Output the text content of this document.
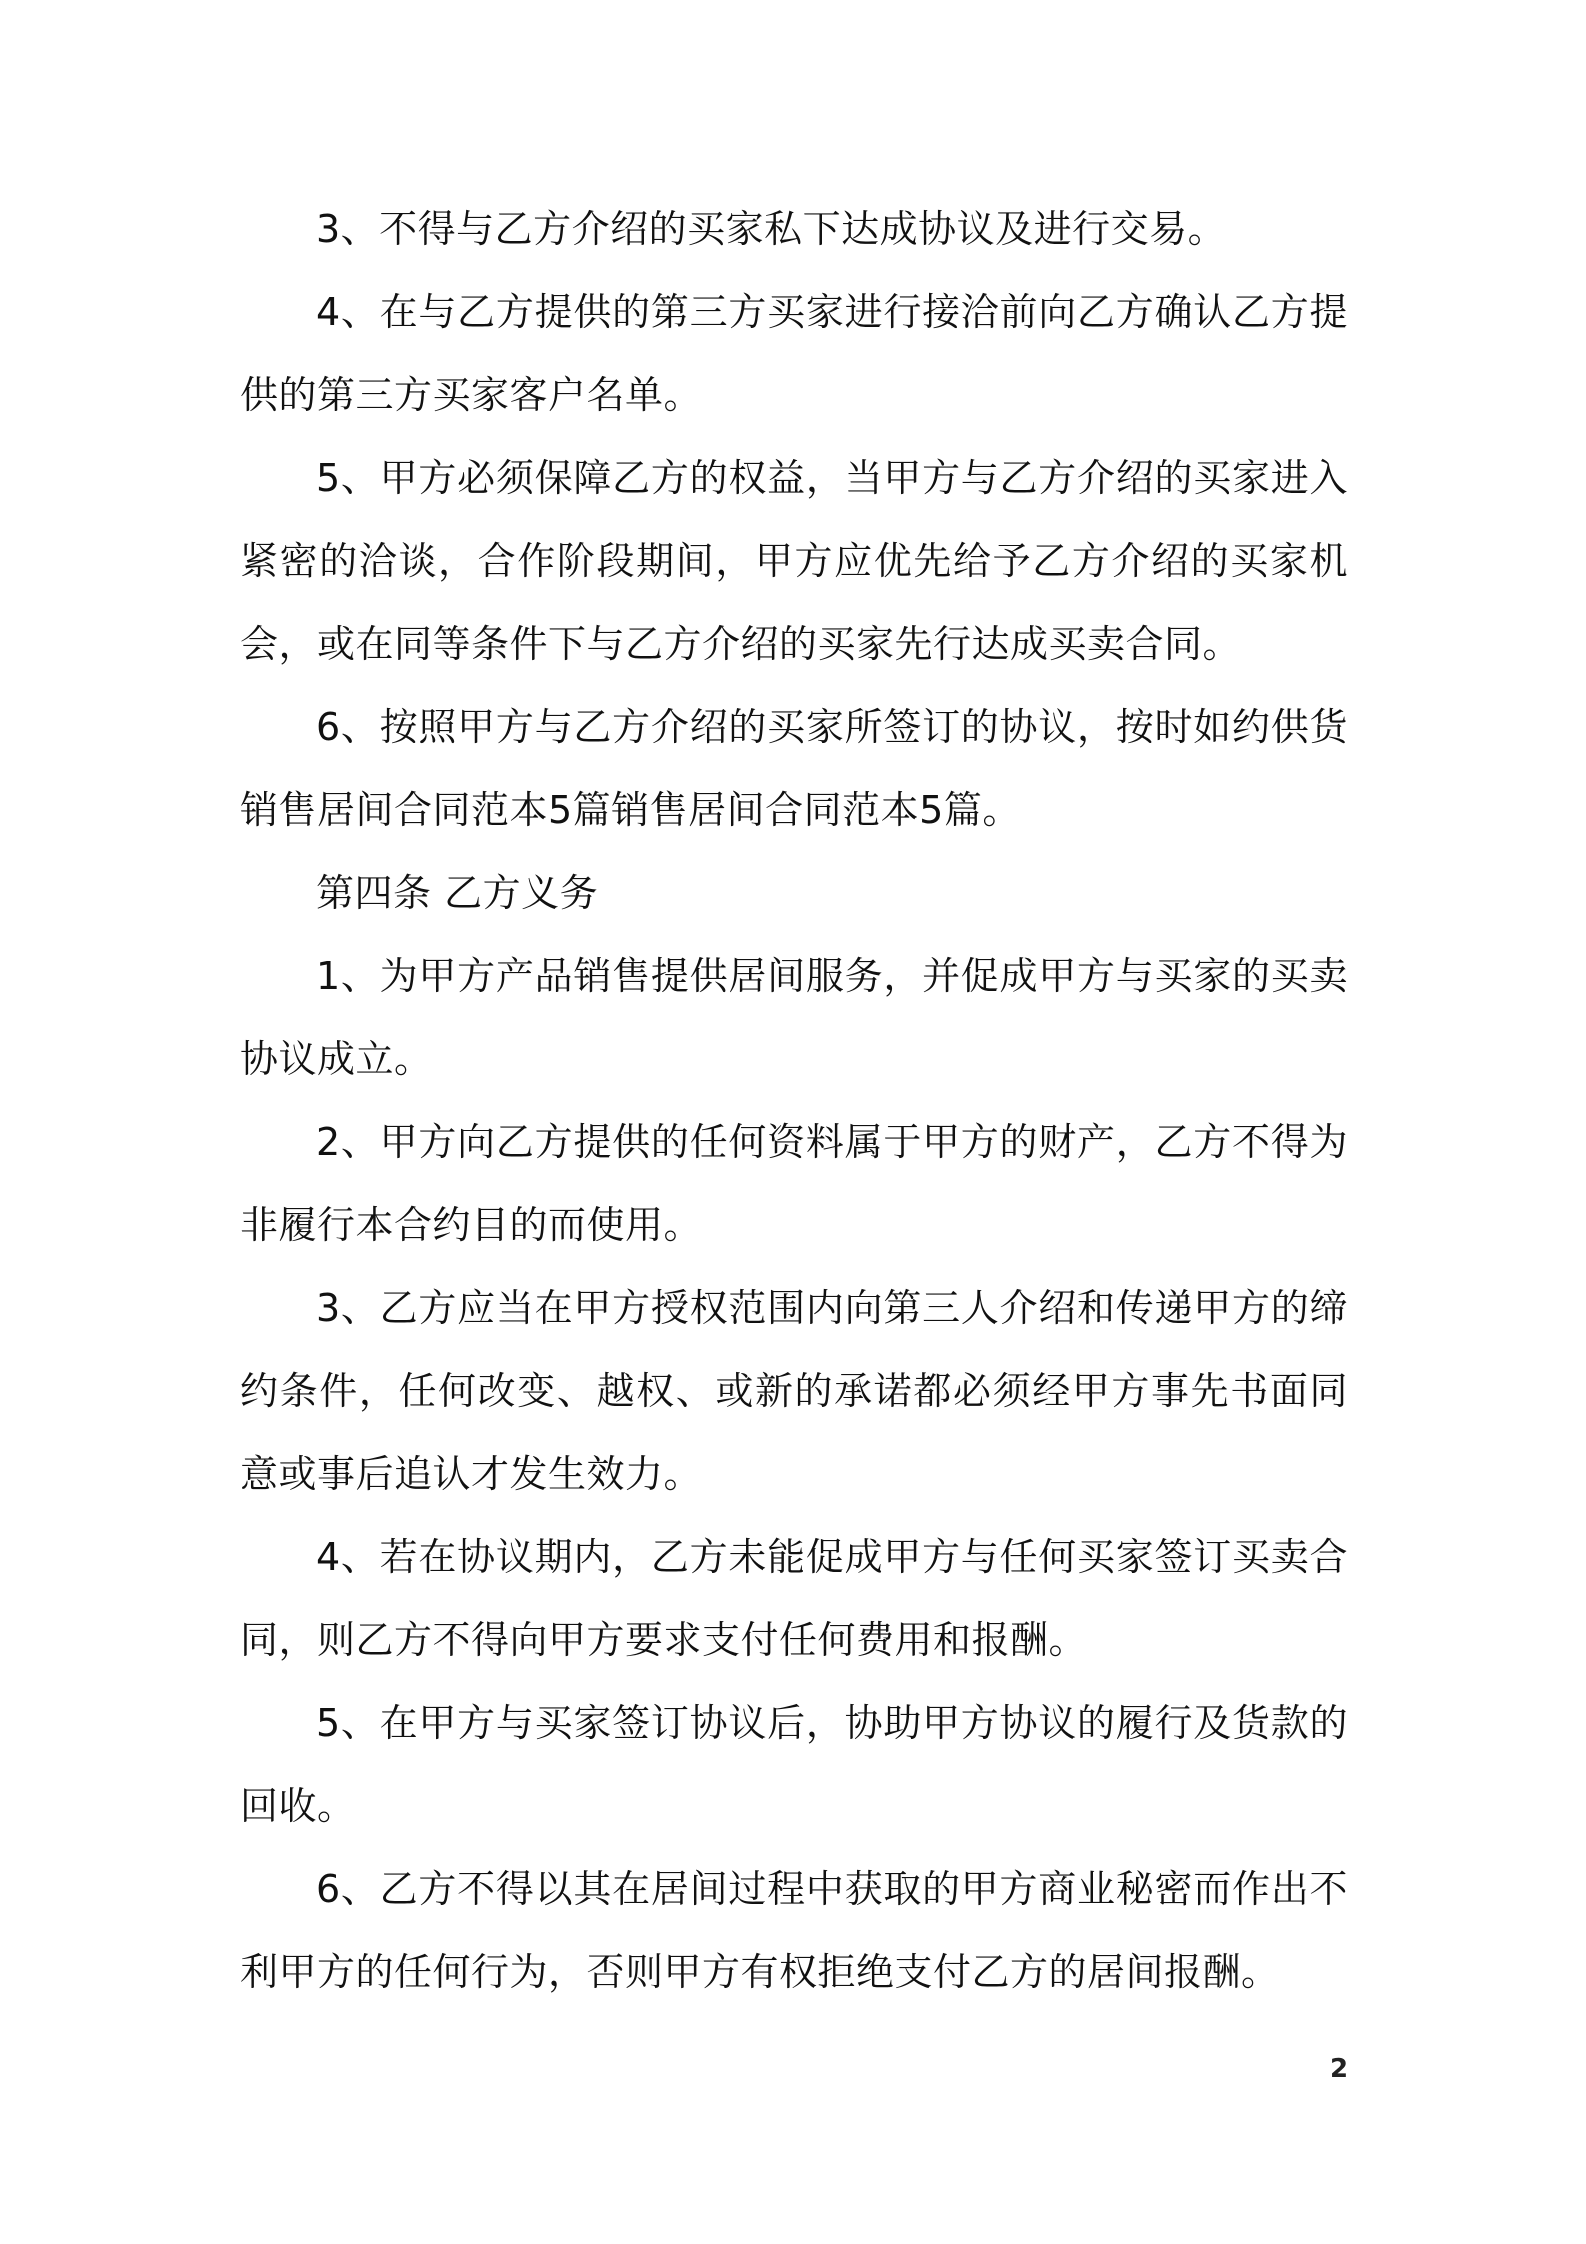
3、不得与乙方介绍的买家私下达成协议及进行交易。

4、在与乙方提供的第三方买家进行接洽前向乙方确认乙方提供的第三方买家客户名单。

5、甲方必须保障乙方的权益，当甲方与乙方介绍的买家进入紧密的洽谈，合作阶段期间，甲方应优先给予乙方介绍的买家机会，或在同等条件下与乙方介绍的买家先行达成买卖合同。

6、按照甲方与乙方介绍的买家所签订的协议，按时如约供货销售居间合同范本5篇销售居间合同范本5篇。

第四条 乙方义务

1、为甲方产品销售提供居间服务，并促成甲方与买家的买卖协议成立。

2、甲方向乙方提供的任何资料属于甲方的财产，乙方不得为非履行本合约目的而使用。

3、乙方应当在甲方授权范围内向第三人介绍和传递甲方的缔约条件，任何改变、越权、或新的承诺都必须经甲方事先书面同意或事后追认才发生效力。

4、若在协议期内，乙方未能促成甲方与任何买家签订买卖合同，则乙方不得向甲方要求支付任何费用和报酬。

5、在甲方与买家签订协议后，协助甲方协议的履行及货款的回收。

6、乙方不得以其在居间过程中获取的甲方商业秘密而作出不利甲方的任何行为，否则甲方有权拒绝支付乙方的居间报酬。

2
